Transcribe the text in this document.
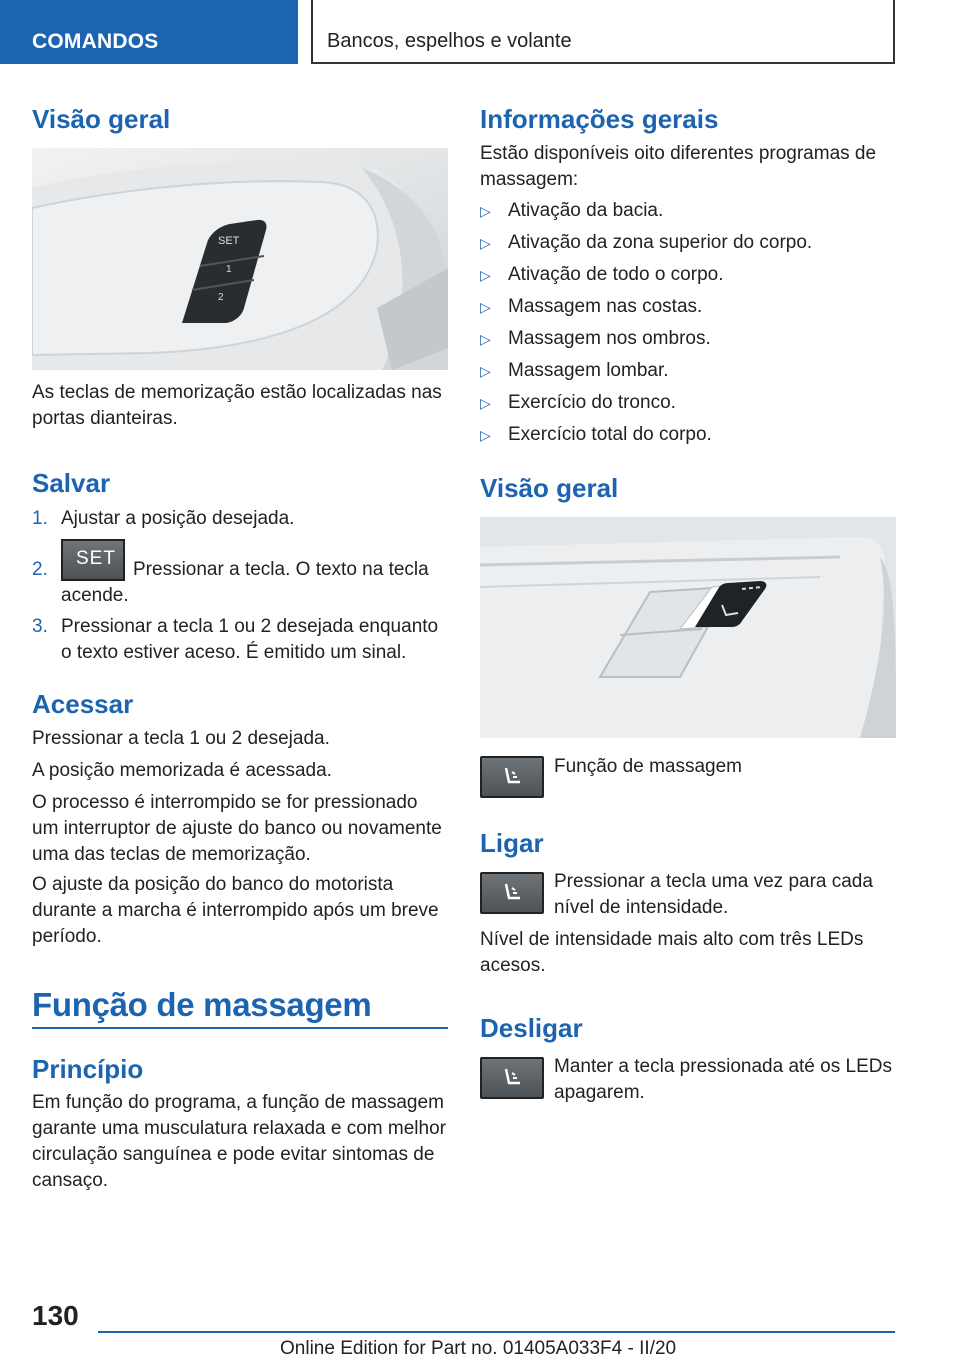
COMANDOS	Bancos, espelhos e volante
Visão geral
SET
1
2
As teclas de memorização estão localizadas nas portas dianteiras.
Salvar
1. Ajustar a posição desejada.
2.
SET
Pressionar a tecla. O texto na tecla acende.
3. Pressionar a tecla 1 ou 2 desejada enquanto o texto estiver aceso. É emitido um sinal.
Acessar
Pressionar a tecla 1 ou 2 desejada.
A posição memorizada é acessada.
O processo é interrompido se for pressionado um interruptor de ajuste do banco ou novamente uma das teclas de memorização.
O ajuste da posição do banco do motorista durante a marcha é interrompido após um breve período.
Função de massagem
Princípio
Em função do programa, a função de massagem garante uma musculatura relaxada e com melhor circulação sanguínea e pode evitar sintomas de cansaço.
Informações gerais
Estão disponíveis oito diferentes programas de massagem:
▷ Ativação da bacia.
▷ Ativação da zona superior do corpo.
▷ Ativação de todo o corpo.
▷ Massagem nas costas.
▷ Massagem nos ombros.
▷ Massagem lombar.
▷ Exercício do tronco.
▷ Exercício total do corpo.
Visão geral
Função de massagem
Ligar
Pressionar a tecla uma vez para cada nível de intensidade.
Nível de intensidade mais alto com três LEDs acesos.
Desligar
Manter a tecla pressionada até os LEDs apagarem.
130
Online Edition for Part no. 01405A033F4 - II/20
